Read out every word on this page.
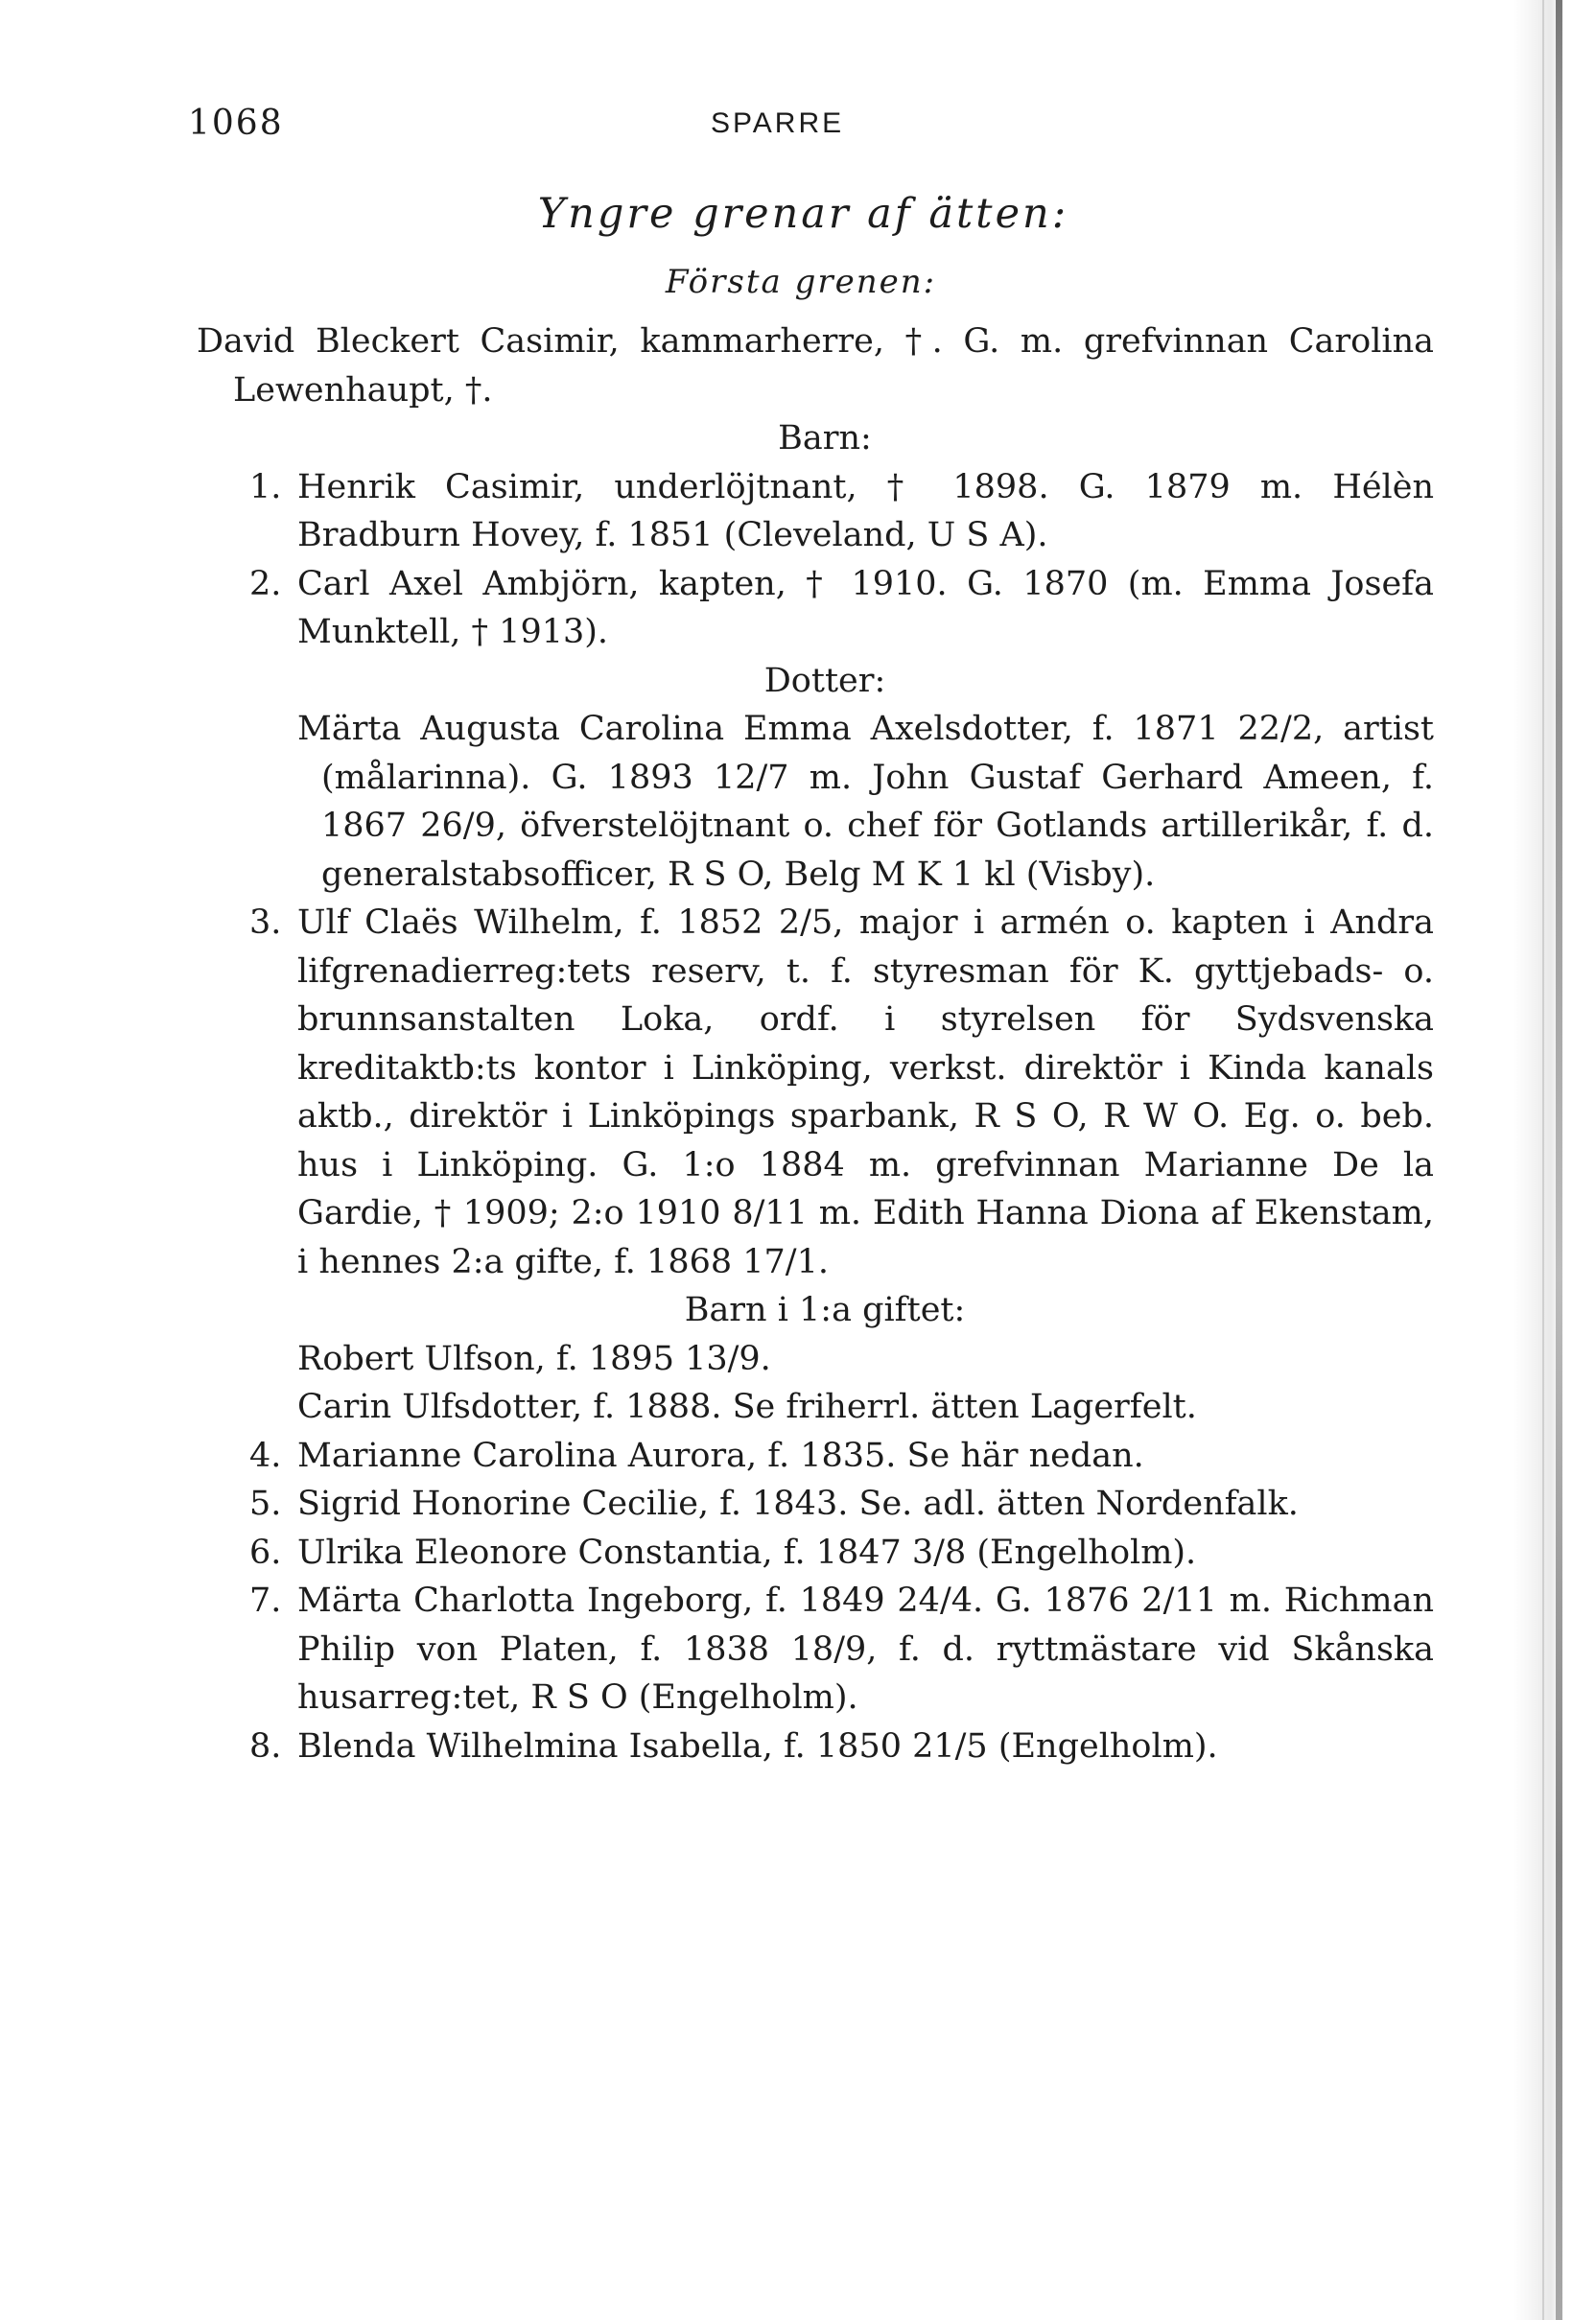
1068	SPARRE
Yngre grenar af ätten:
Första grenen:

David Bleckert Casimir, kammarherre, †. G. m. grefvinnan Carolina Lewenhaupt, †.

Barn:

1. Henrik Casimir, underlöjtnant, † 1898. G. 1879 m. Hélèn Bradburn Hovey, f. 1851 (Cleveland, U S A).

2. Carl Axel Ambjörn, kapten, † 1910. G. 1870 (m. Emma Josefa Munktell, † 1913).

Dotter:

Märta Augusta Carolina Emma Axelsdotter, f. 1871 22/2, artist (målarinna). G. 1893 12/7 m. John Gustaf Gerhard Ameen, f. 1867 26/9, öfverstelöjtnant o. chef för Gotlands artillerikår, f. d. generalstabsofficer, R S O, Belg M K 1 kl (Visby).

3. Ulf Claës Wilhelm, f. 1852 2/5, major i armén o. kapten i Andra lifgrenadierreg:tets reserv, t. f. styresman för K. gyttjebads- o. brunnsanstalten Loka, ordf. i styrelsen för Sydsvenska kreditaktb:ts kontor i Linköping, verkst. direktör i Kinda kanals aktb., direktör i Linköpings sparbank, R S O, R W O. Eg. o. beb. hus i Linköping. G. 1:o 1884 m. grefvinnan Marianne De la Gardie, † 1909; 2:o 1910 8/11 m. Edith Hanna Diona af Ekenstam, i hennes 2:a gifte, f. 1868 17/1.

Barn i 1:a giftet:

Robert Ulfson, f. 1895 13/9.

Carin Ulfsdotter, f. 1888. Se friherrl. ätten Lagerfelt.

4. Marianne Carolina Aurora, f. 1835. Se här nedan.

5. Sigrid Honorine Cecilie, f. 1843. Se. adl. ätten Nordenfalk.

6. Ulrika Eleonore Constantia, f. 1847 3/8 (Engelholm).

7. Märta Charlotta Ingeborg, f. 1849 24/4. G. 1876 2/11 m. Richman Philip von Platen, f. 1838 18/9, f. d. ryttmästare vid Skånska husarreg:tet, R S O (Engelholm).

8. Blenda Wilhelmina Isabella, f. 1850 21/5 (Engelholm).
